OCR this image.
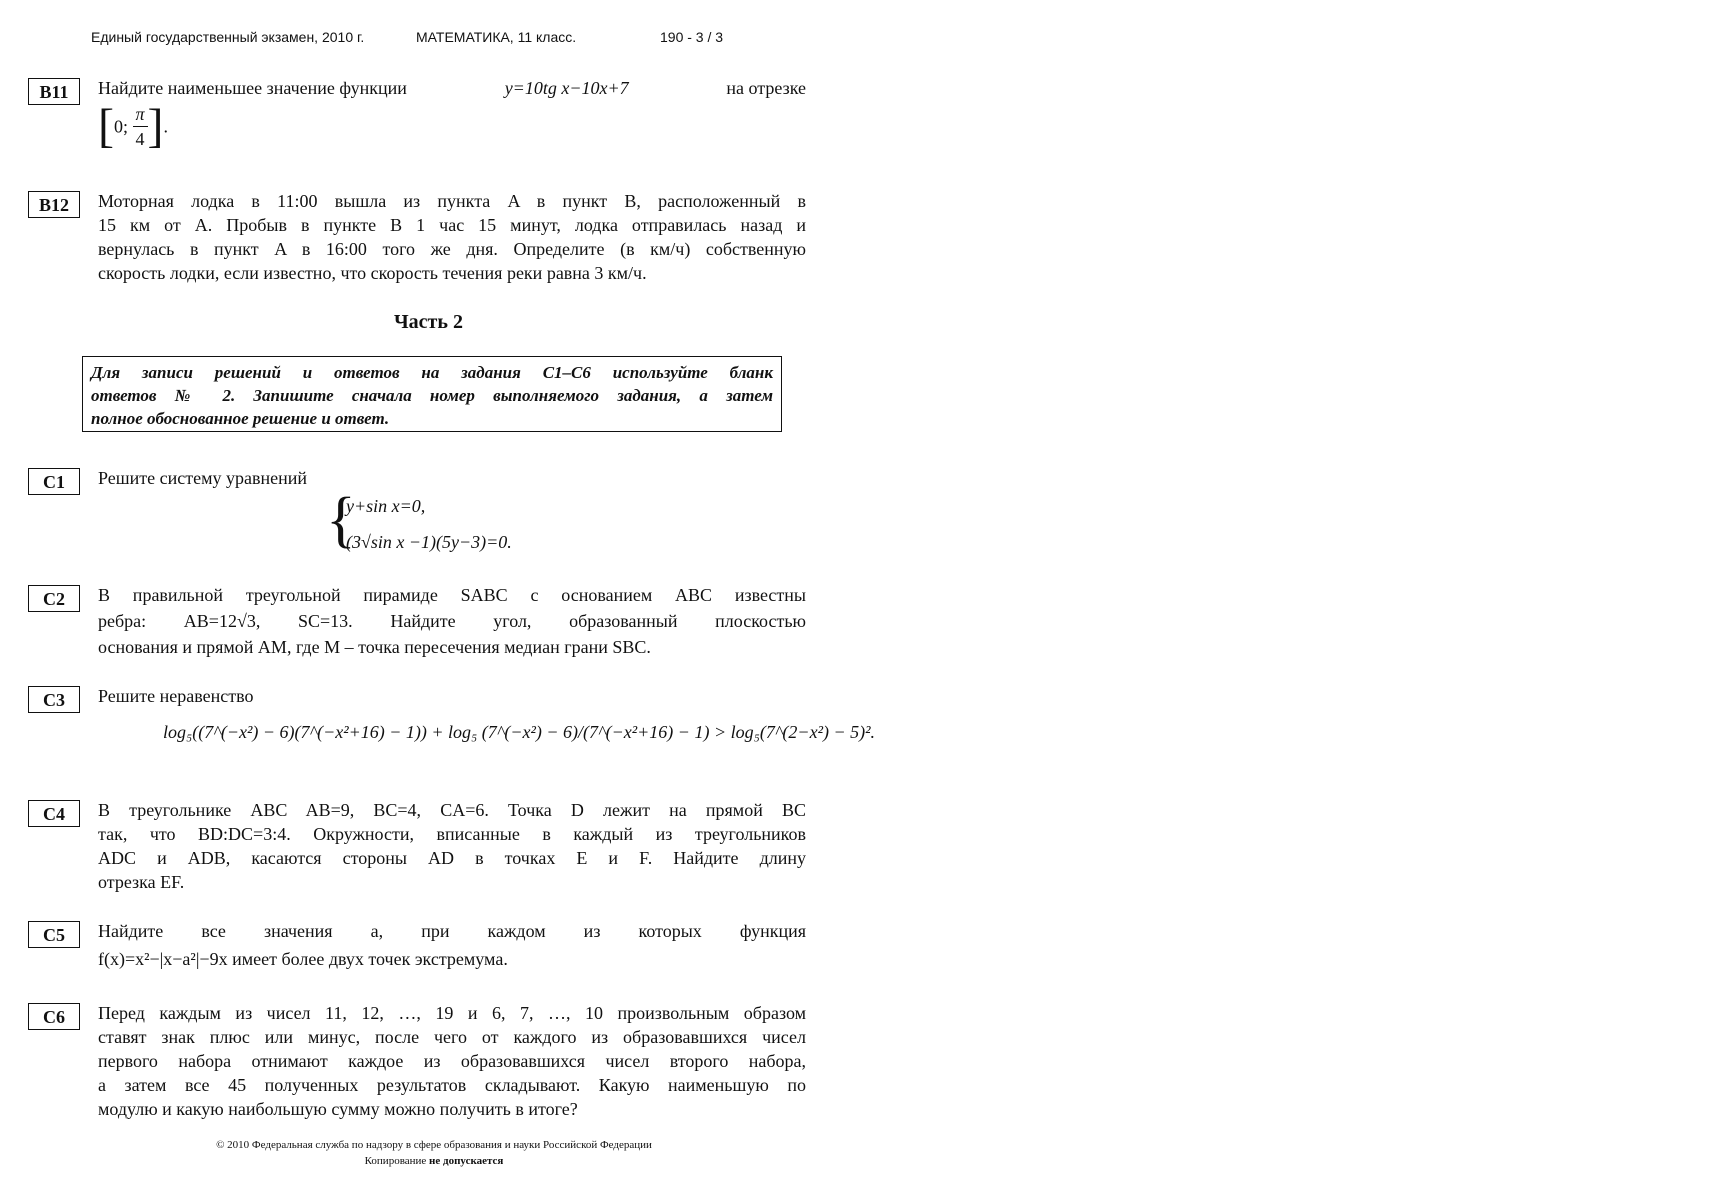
Единый государственный экзамен, 2010 г.	МАТЕМАТИКА, 11 класс.	190 - 3 / 3
B11	Найдите наименьшее значение функции	y=10tg x−10x+7	на отрезке
[0; $\frac{\pi}{4}$ ].
B12	Моторная лодка в 11:00 вышла из пункта A в пункт B, расположенный в
15 км от A. Пробыв в пункте B 1 час 15 минут, лодка отправилась назад и
вернулась в пункт A в 16:00 того же дня. Определите (в км/ч) собственную
скорость лодки, если известно, что скорость течения реки равна 3 км/ч.
Часть 2
Для записи решений и ответов на задания С1–С6 используйте бланк
ответов № 2. Запишите сначала номер выполняемого задания, а затем
полное обоснованное решение и ответ.
C1	Решите систему уравнений
{
y+sin x=0,
(3√sin x −1)(5y−3)=0.
C2	В правильной треугольной пирамиде SABC с основанием ABC известны
ребра: AB=12√3, SC=13. Найдите угол, образованный плоскостью
основания и прямой AM, где M – точка пересечения медиан грани SBC.
C3	Решите неравенство
log₅((7^(−x²) − 6)(7^(−x²+16) − 1)) + log₅ (7^(−x²) − 6)/(7^(−x²+16) − 1) > log₅(7^(2−x²) − 5)².
C4	В треугольнике ABC AB=9, BC=4, CA=6. Точка D лежит на прямой BC
так, что BD:DC=3:4. Окружности, вписанные в каждый из треугольников
ADC и ADB, касаются стороны AD в точках E и F. Найдите длину
отрезка EF.
C5	Найдите все значения a, при каждом из которых функция
f(x)=x²−|x−a²|−9x имеет более двух точек экстремума.
C6	Перед каждым из чисел 11, 12, …, 19 и 6, 7, …, 10 произвольным образом
ставят знак плюс или минус, после чего от каждого из образовавшихся чисел
первого набора отнимают каждое из образовавшихся чисел второго набора,
а затем все 45 полученных результатов складывают. Какую наименьшую по
модулю и какую наибольшую сумму можно получить в итоге?
© 2010 Федеральная служба по надзору в сфере образования и науки Российской Федерации
Копирование не допускается
